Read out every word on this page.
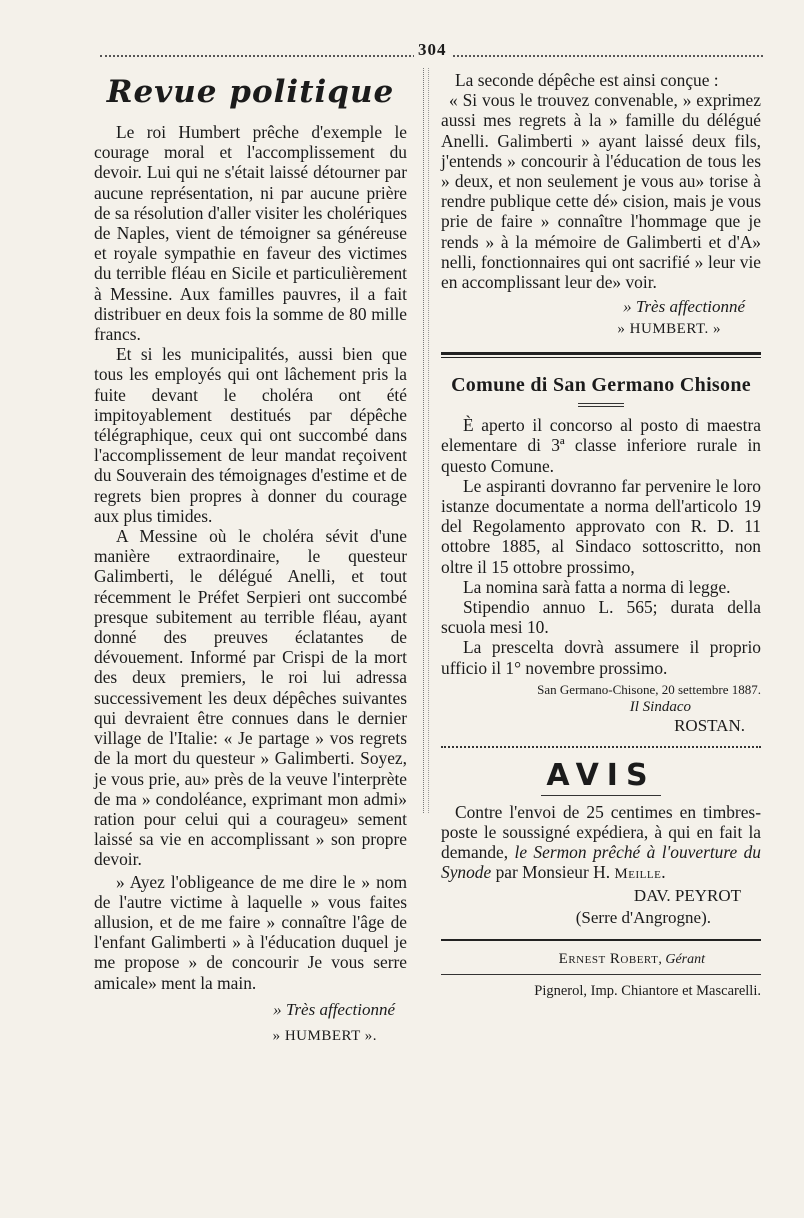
304
Revue politique

Le roi Humbert prêche d'exemple le courage moral et l'accomplissement du devoir. Lui qui ne s'était laissé détourner par aucune représentation, ni par aucune prière de sa résolution d'aller visiter les cholériques de Naples, vient de témoigner sa généreuse et royale sympathie en faveur des victimes du terrible fléau en Sicile et particulièrement à Messine. Aux familles pauvres, il a fait distribuer en deux fois la somme de 80 mille francs.

Et si les municipalités, aussi bien que tous les employés qui ont lâchement pris la fuite devant le choléra ont été impitoyablement destitués par dépêche télégraphique, ceux qui ont succombé dans l'accomplissement de leur mandat reçoivent du Souverain des témoignages d'estime et de regrets bien propres à donner du courage aux plus timides.

A Messine où le choléra sévit d'une manière extraordinaire, le questeur Galimberti, le délégué Anelli, et tout récemment le Préfet Serpieri ont succombé presque subitement au terrible fléau, ayant donné des preuves éclatantes de dévouement. Informé par Crispi de la mort des deux premiers, le roi lui adressa successivement les deux dépêches suivantes qui devraient être connues dans le dernier village de l'Italie: « Je partage » vos regrets de la mort du questeur » Galimberti. Soyez, je vous prie, au» près de la veuve l'interprète de ma » condoléance, exprimant mon admi» ration pour celui qui a courageu» sement laissé sa vie en accomplissant » son propre devoir.

» Ayez l'obligeance de me dire le » nom de l'autre victime à laquelle » vous faites allusion, et de me faire » connaître l'âge de l'enfant Galimberti » à l'éducation duquel je me propose » de concourir Je vous serre amicale» ment la main.

» Très affectionné

» HUMBERT ».

La seconde dépêche est ainsi conçue :

« Si vous le trouvez convenable, » exprimez aussi mes regrets à la » famille du délégué Anelli. Galimberti » ayant laissé deux fils, j'entends » concourir à l'éducation de tous les » deux, et non seulement je vous au» torise à rendre publique cette dé» cision, mais je vous prie de faire » connaître l'hommage que je rends » à la mémoire de Galimberti et d'A» nelli, fonctionnaires qui ont sacrifié » leur vie en accomplissant leur de» voir.

» Très affectionné

» HUMBERT. »

Comune di San Germano Chisone

È aperto il concorso al posto di maestra elementare di 3ª classe inferiore rurale in questo Comune.

Le aspiranti dovranno far pervenire le loro istanze documentate a norma dell'articolo 19 del Regolamento approvato con R. D. 11 ottobre 1885, al Sindaco sottoscritto, non oltre il 15 ottobre prossimo,

La nomina sarà fatta a norma di legge.

Stipendio annuo L. 565; durata della scuola mesi 10.

La prescelta dovrà assumere il proprio ufficio il 1° novembre prossimo.

San Germano-Chisone, 20 settembre 1887.

Il Sindaco

ROSTAN.

AVIS

Contre l'envoi de 25 centimes en timbres-poste le soussigné expédiera, à qui en fait la demande, le Sermon prêché à l'ouverture du Synode par Monsieur H. Meille.

DAV. PEYROT

(Serre d'Angrogne).

Ernest Robert, Gérant

Pignerol, Imp. Chiantore et Mascarelli.
